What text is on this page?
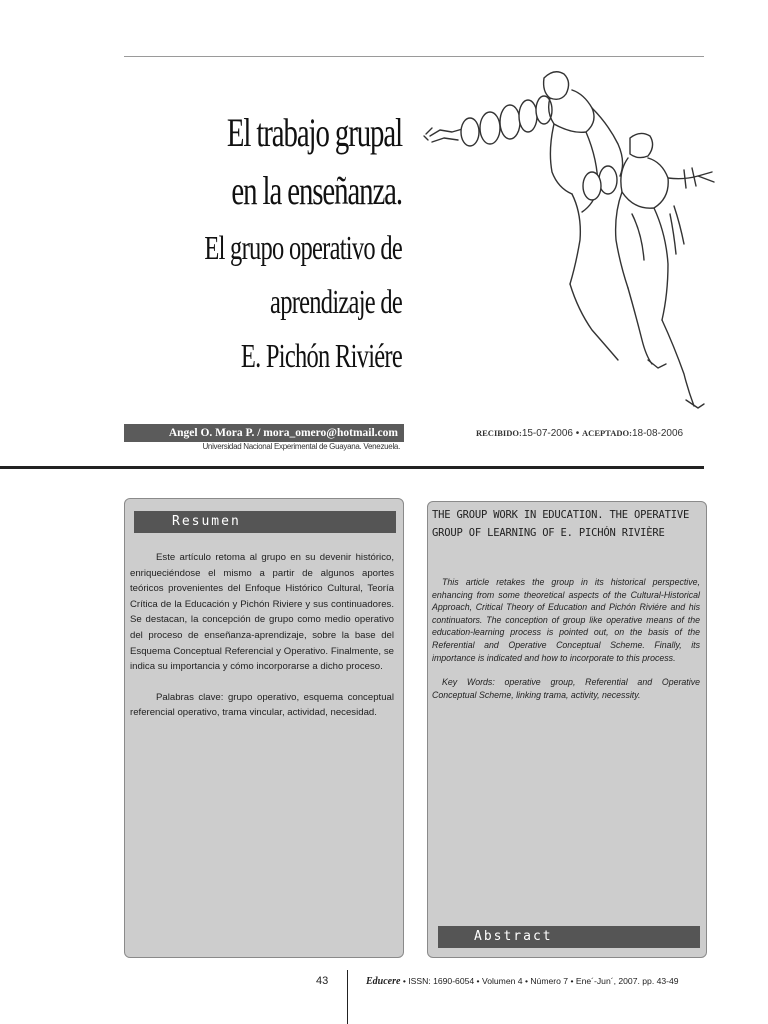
El trabajo grupal
en la enseñanza.
El grupo operativo de
aprendizaje de
E. Pichón Riviére
Angel O. Mora P. / mora_omero@hotmail.com
Universidad Nacional Experimental de Guayana. Venezuela.
RECIBIDO:15-07-2006 • ACEPTADO:18-08-2006
Resumen

Este artículo retoma al grupo en su devenir histórico, enriqueciéndose el mismo a partir de algunos aportes teóricos provenientes del Enfoque Histórico Cultural, Teoría Crítica de la Educación y Pichón Riviere y sus continuadores. Se destacan, la concepción de grupo como medio operativo del proceso de enseñanza-aprendizaje, sobre la base del Esquema Conceptual Referencial y Operativo. Finalmente, se indica su importancia y cómo incorporarse a dicho proceso.

Palabras clave: grupo operativo, esquema conceptual referencial operativo, trama vincular, actividad, necesidad.

THE GROUP WORK IN EDUCATION. THE OPERATIVE GROUP OF LEARNING OF E. PICHÓN RIVIÈRE

This article retakes the group in its historical perspective, enhancing from some theoretical aspects of the Cultural-Historical Approach, Critical Theory of Education and Pichón Riviére and his continuators. The conception of group like operative means of the education-learning process is pointed out, on the basis of the Referential and Operative Conceptual Scheme. Finally, its importance is indicated and how to incorporate to this process.

Key Words: operative group, Referential and Operative Conceptual Scheme, linking trama, activity, necessity.

Abstract
43	Educere • ISSN: 1690-6054 • Volumen 4 • Número 7 • Ene´-Jun´, 2007. pp. 43-49
